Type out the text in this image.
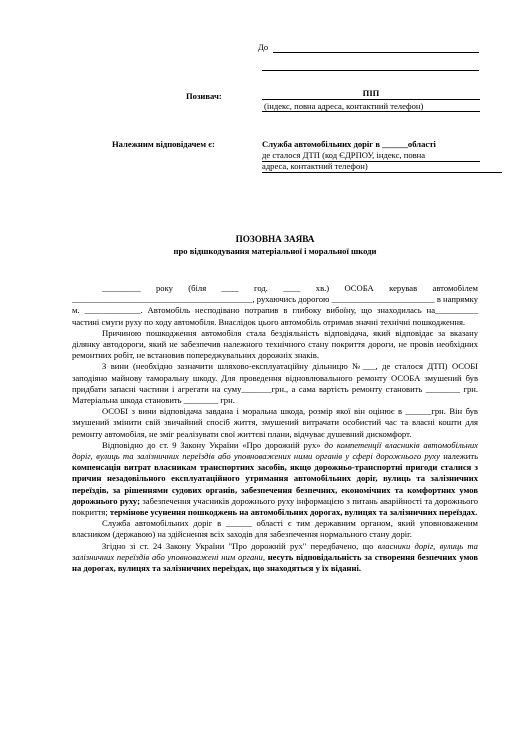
До
Позивач:	ПІП
(індекс, повна адреса, контактний телефон)
Належним відповідачем є:	Служба автомобільних доріг в ______області
де сталося ДТП (код ЄДРПОУ, індекс, повна
адреса, контактний телефон)
ПОЗОВНА ЗАЯВА
про відшкодування матеріальної і моральної шкоди

_________ року (біля ____ год. ____ хв.) ОСОБА керував автомобілем __________________________________________, рухаючись дорогою ________________________ в напрямку м. _____________. Автомобіль несподівано потрапив в глибоку вибоїну, що знаходилась на__________ частині смуги руху по ходу автомобіля. Внаслідок цього автомобіль отримав значні технічні пошкодження.

Причиною пошкодження автомобіля стала бездіяльність відповідача, який відповідає за вказану ділянку автодороги, який не забезпечив належного технічного стану покриття дороги, не провів необхідних ремонтних робіт, не встановив попереджувальних дорожніх знаків.

З вини (необхідно зазначити шляхово-експлуатаційну дільницю №___, де сталося ДТП) ОСОБІ заподіяно майнову таморальну шкоду. Для проведення відновлювального ремонту ОСОБА змушений був придбати запасні частини і агрегати на суму_______грн., а сама вартість ремонту становить ________ грн. Матеріальна шкода становить ________ грн.

ОСОБІ з вини відповідача завдана і моральна шкода, розмір якої він оцінює в ______грн. Він був змушений змінити свій звичайний спосіб життя, змушений витрачати особистий час та власні кошти для ремонту автомобіля, не зміг реалізувати свої життєві плани, відчуває душевний дискомфорт.

Відповідно до ст. 9 Закону України «Про дорожній рух» до компетенції власників автомобільних доріг, вулиць та залізничних переїздів або уповноважених ними органів у сфері дорожнього руху належить компенсація витрат власникам транспортних засобів, якщо дорожньо-транспортні пригоди сталися з причин незадовільного експлуатаційного утримання автомобільних доріг, вулиць та залізничних переїздів, за рішеннями судових органів, забезпечення безпечних, економічних та комфортних умов дорожнього руху; забезпечення учасників дорожнього руху інформацією з питань аварійності та дорожнього покриття; термінове усунення пошкоджень на автомобільних дорогах, вулицях та залізничних переїздах.

Служба автомобільних доріг в ______ області є тим державним органом, який уповноваженим власником (державою) на здійснення всіх заходів для забезпечення нормального стану доріг.

Згідно зі ст. 24 Закону України "Про дорожній рух" передбачено, що власники доріг, вулиць та залізничних переїздів або уповноважені ним органи, несуть відповідальність за створення безпечних умов на дорогах, вулицях та залізничних переїздах, що знаходяться у їх віданні.
